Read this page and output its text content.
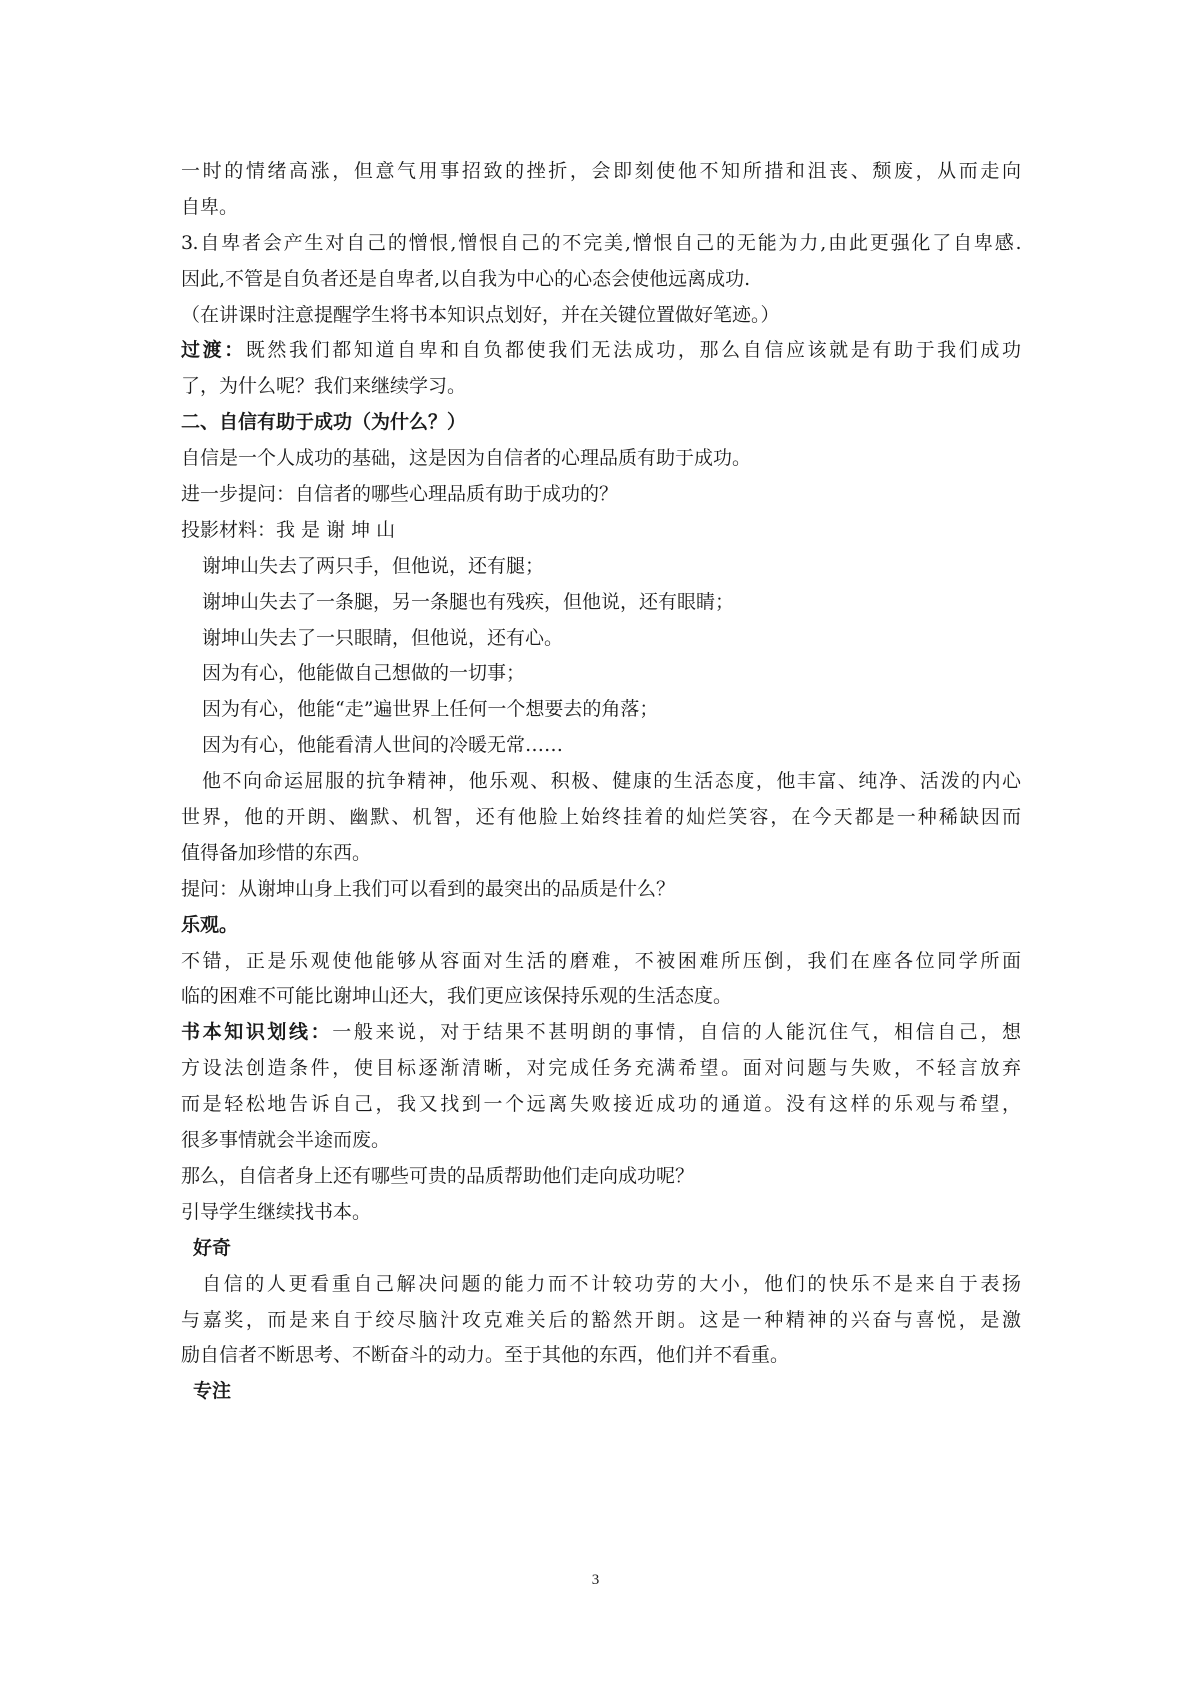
一时的情绪高涨，但意气用事招致的挫折，会即刻使他不知所措和沮丧、颓废，从而走向
自卑。
3.自卑者会产生对自己的憎恨,憎恨自己的不完美,憎恨自己的无能为力,由此更强化了自卑感.
因此,不管是自负者还是自卑者,以自我为中心的心态会使他远离成功.
（在讲课时注意提醒学生将书本知识点划好，并在关键位置做好笔迹。）
过渡：既然我们都知道自卑和自负都使我们无法成功，那么自信应该就是有助于我们成功
了，为什么呢？我们来继续学习。
二、自信有助于成功（为什么？）
自信是一个人成功的基础，这是因为自信者的心理品质有助于成功。
进一步提问：自信者的哪些心理品质有助于成功的？
投影材料：我 是 谢 坤 山
谢坤山失去了两只手，但他说，还有腿；
谢坤山失去了一条腿，另一条腿也有残疾，但他说，还有眼睛；
谢坤山失去了一只眼睛，但他说，还有心。
因为有心，他能做自己想做的一切事；
因为有心，他能“走”遍世界上任何一个想要去的角落；
因为有心，他能看清人世间的冷暖无常……
他不向命运屈服的抗争精神，他乐观、积极、健康的生活态度，他丰富、纯净、活泼的内心
世界，他的开朗、幽默、机智，还有他脸上始终挂着的灿烂笑容，在今天都是一种稀缺因而
值得备加珍惜的东西。
提问：从谢坤山身上我们可以看到的最突出的品质是什么？
乐观。
不错，正是乐观使他能够从容面对生活的磨难，不被困难所压倒，我们在座各位同学所面
临的困难不可能比谢坤山还大，我们更应该保持乐观的生活态度。
书本知识划线：一般来说，对于结果不甚明朗的事情，自信的人能沉住气，相信自己，想
方设法创造条件，使目标逐渐清晰，对完成任务充满希望。面对问题与失败，不轻言放弃
而是轻松地告诉自己，我又找到一个远离失败接近成功的通道。没有这样的乐观与希望，
很多事情就会半途而废。
那么，自信者身上还有哪些可贵的品质帮助他们走向成功呢？
引导学生继续找书本。
好奇
自信的人更看重自己解决问题的能力而不计较功劳的大小，他们的快乐不是来自于表扬
与嘉奖，而是来自于绞尽脑汁攻克难关后的豁然开朗。这是一种精神的兴奋与喜悦，是激
励自信者不断思考、不断奋斗的动力。至于其他的东西，他们并不看重。
专注
3
